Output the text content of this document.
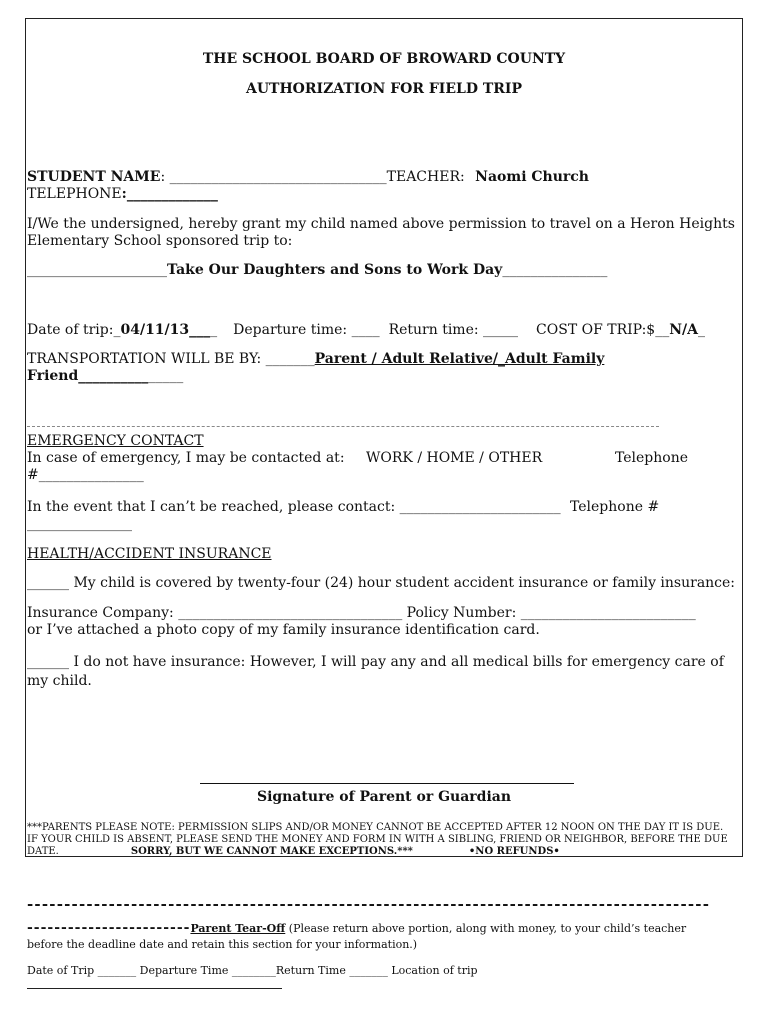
THE SCHOOL BOARD OF BROWARD COUNTY
AUTHORIZATION FOR FIELD TRIP
STUDENT NAME: _______________________________TEACHER: Naomi Church
TELEPHONE:_____________
I/We the undersigned, hereby grant my child named above permission to travel on a Heron Heights
Elementary School sponsored trip to:
____________________Take Our Daughters and Sons to Work Day_______________
Date of trip:_04/11/13____ Departure time: ____ Return time: _____ COST OF TRIP:$__N/A_
TRANSPORTATION WILL BE BY: _______Parent / Adult Relative/_Adult Family
Friend_______________
EMERGENCY CONTACT
In case of emergency, I may be contacted at: WORK / HOME / OTHER	Telephone
#_______________
In the event that I can’t be reached, please contact: _______________________ Telephone #
_______________
HEALTH/ACCIDENT INSURANCE
______ My child is covered by twenty-four (24) hour student accident insurance or family insurance:
Insurance Company: ________________________________ Policy Number: _________________________
or I’ve attached a photo copy of my family insurance identification card.
______ I do not have insurance: However, I will pay any and all medical bills for emergency care of
my child.
Signature of Parent or Guardian
***PARENTS PLEASE NOTE: PERMISSION SLIPS AND/OR MONEY CANNOT BE ACCEPTED AFTER 12 NOON ON THE DAY IT IS DUE.
IF YOUR CHILD IS ABSENT, PLEASE SEND THE MONEY AND FORM IN WITH A SIBLING, FRIEND OR NEIGHBOR, BEFORE THE DUE
DATE.	SORRY, BUT WE CANNOT MAKE EXCEPTIONS.***	•NO REFUNDS•
--------------------------------------------------------------------------------------------
------------------------Parent Tear-Off (Please return above portion, along with money, to your child’s teacher
before the deadline date and retain this section for your information.)
Date of Trip _______ Departure Time ________Return Time _______ Location of trip
